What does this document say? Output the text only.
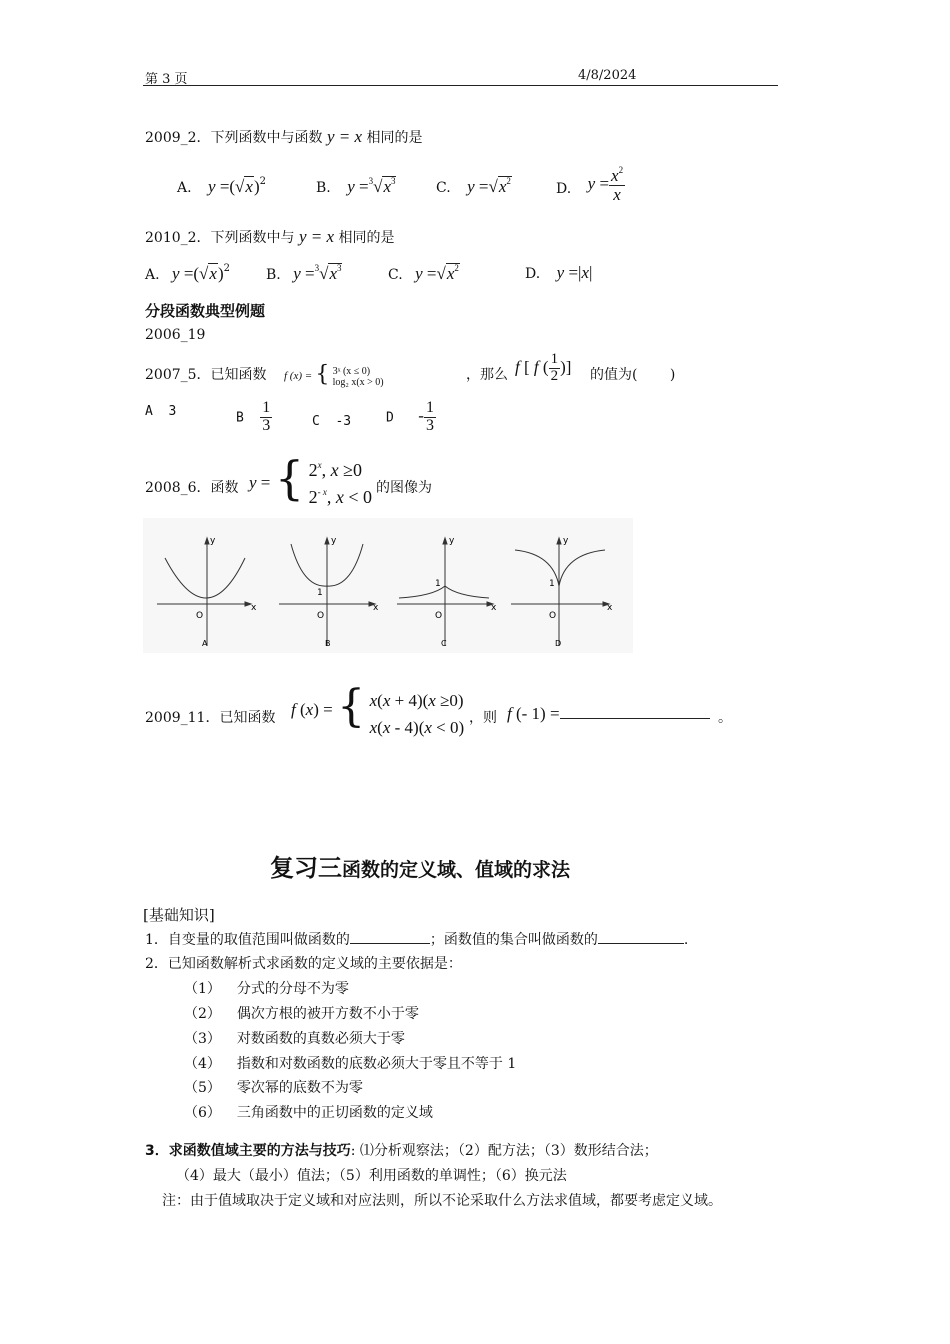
第 3 页	4/8/2024
2009_2．下列函数中与函数 y = x 相同的是
A. $y =(√x)^2$	B. $y =^3√x^3$	C. $y =√x^2$	D. $y = \frac{x^2}{x}$
2010_2．下列函数中与 y = x 相同的是
A. $y =(√x)^2$	B. $y =^3√x^3$	C. $y =√x^2$	D. y =|x|
分段函数典型例题
2006_19
2007_5．已知函数 f (x) = { 3ˣ (x ≤ 0)
log₂ x(x > 0)	，那么 f [ f ( $\frac{1}{2}$ )] 的值为(　　 )
A 3	B $\frac{1}{3}$	C -3	D - $\frac{1}{3}$
2008_6．函数 y = { 2$^x$, x ≥0
$2^{- x}$, x < 0 的图像为
y
x
O
A
y
x
1
O
B
y
x
1
O
C
y
x
1
O
D
2009_11．已知函数 f (x) = { x(x + 4)(x ≥0)
x(x - 4)(x < 0)
，则 f (- 1) =	。
复习三函数的定义域、值域的求法
[基础知识]
1．自变量的取值范围叫做函数的	；函数值的集合叫做函数的	.
2．已知函数解析式求函数的定义域的主要依据是：
（1） 分式的分母不为零
（2） 偶次方根的被开方数不小于零
（3） 对数函数的真数必须大于零
（4） 指数和对数函数的底数必须大于零且不等于 1
（5） 零次幂的底数不为零
（6） 三角函数中的正切函数的定义域
3．求函数值域主要的方法与技巧: ⑴分析观察法；（2）配方法；（3）数形结合法；
（4）最大（最小）值法；（5）利用函数的单调性；（6）换元法
注：由于值域取决于定义域和对应法则，所以不论采取什么方法求值域，都要考虑定义域。
